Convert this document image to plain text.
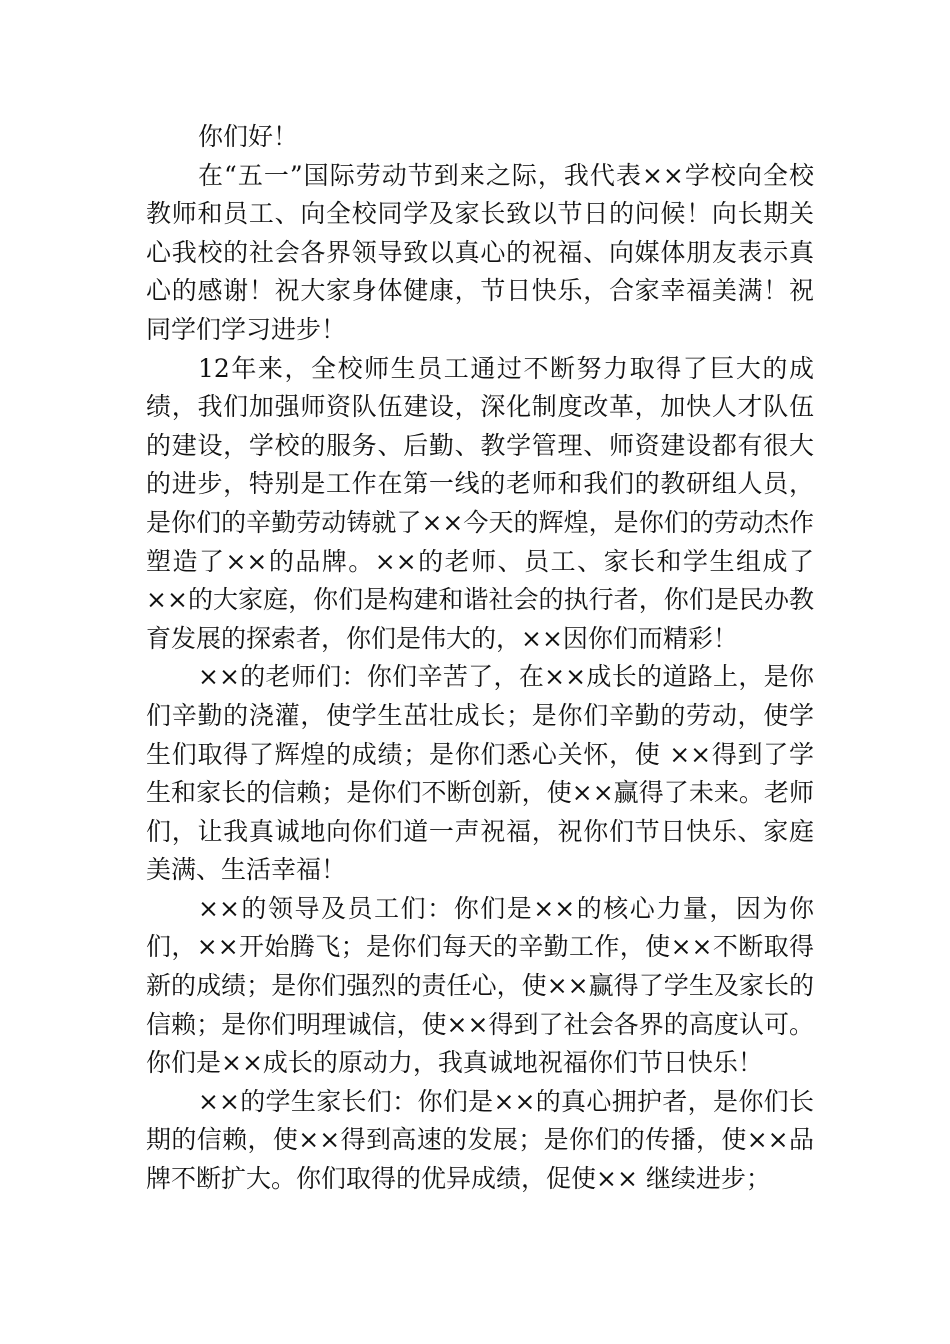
你们好！

在“五一”国际劳动节到来之际，我代表××学校向全校教师和员工、向全校同学及家长致以节日的问候！向长期关心我校的社会各界领导致以真心的祝福、向媒体朋友表示真心的感谢！祝大家身体健康，节日快乐，合家幸福美满！祝同学们学习进步！

12年来，全校师生员工通过不断努力取得了巨大的成绩，我们加强师资队伍建设，深化制度改革，加快人才队伍的建设，学校的服务、后勤、教学管理、师资建设都有很大的进步，特别是工作在第一线的老师和我们的教研组人员，是你们的辛勤劳动铸就了××今天的辉煌，是你们的劳动杰作塑造了××的品牌。××的老师、员工、家长和学生组成了××的大家庭，你们是构建和谐社会的执行者，你们是民办教育发展的探索者，你们是伟大的，××因你们而精彩！

××的老师们：你们辛苦了，在××成长的道路上，是你们辛勤的浇灌，使学生茁壮成长；是你们辛勤的劳动，使学生们取得了辉煌的成绩；是你们悉心关怀，使 ××得到了学生和家长的信赖；是你们不断创新，使××赢得了未来。老师们，让我真诚地向你们道一声祝福，祝你们节日快乐、家庭美满、生活幸福！

××的领导及员工们：你们是××的核心力量，因为你们，××开始腾飞；是你们每天的辛勤工作，使××不断取得新的成绩；是你们强烈的责任心，使××赢得了学生及家长的信赖；是你们明理诚信，使××得到了社会各界的高度认可。你们是××成长的原动力，我真诚地祝福你们节日快乐！

××的学生家长们：你们是××的真心拥护者，是你们长期的信赖，使××得到高速的发展；是你们的传播，使××品牌不断扩大。你们取得的优异成绩，促使×× 继续进步；
